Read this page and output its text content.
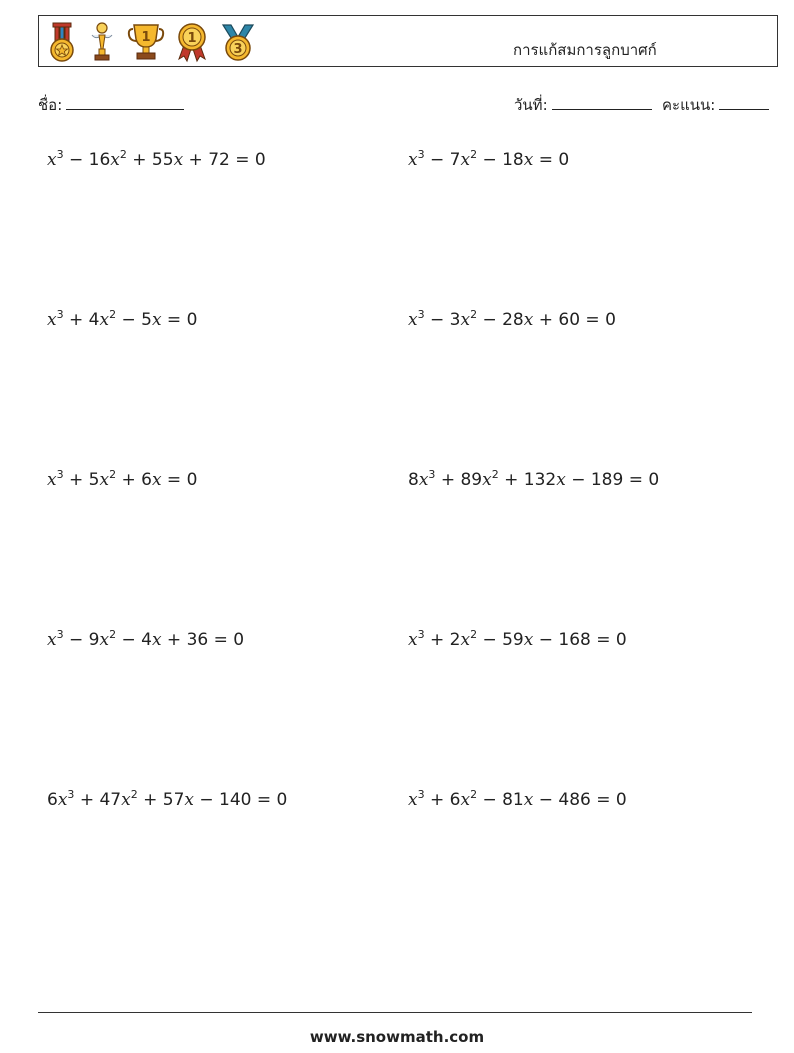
1	1
3	การแก้สมการลูกบาศก์
ชื่อ:	วันที่:	คะแนน:
$x^3 - 16x^2 + 55x + 72 = 0$	$x^3 - 7x^2 - 18x = 0$
$x^3 + 4x^2 - 5x = 0$	$x^3 - 3x^2 - 28x + 60 = 0$
$x^3 + 5x^2 + 6x = 0$	$8x^3 + 89x^2 + 132x - 189 = 0$
$x^3 - 9x^2 - 4x + 36 = 0$	$x^3 + 2x^2 - 59x - 168 = 0$
$6x^3 + 47x^2 + 57x - 140 = 0$	$x^3 + 6x^2 - 81x - 486 = 0$
www.snowmath.com
